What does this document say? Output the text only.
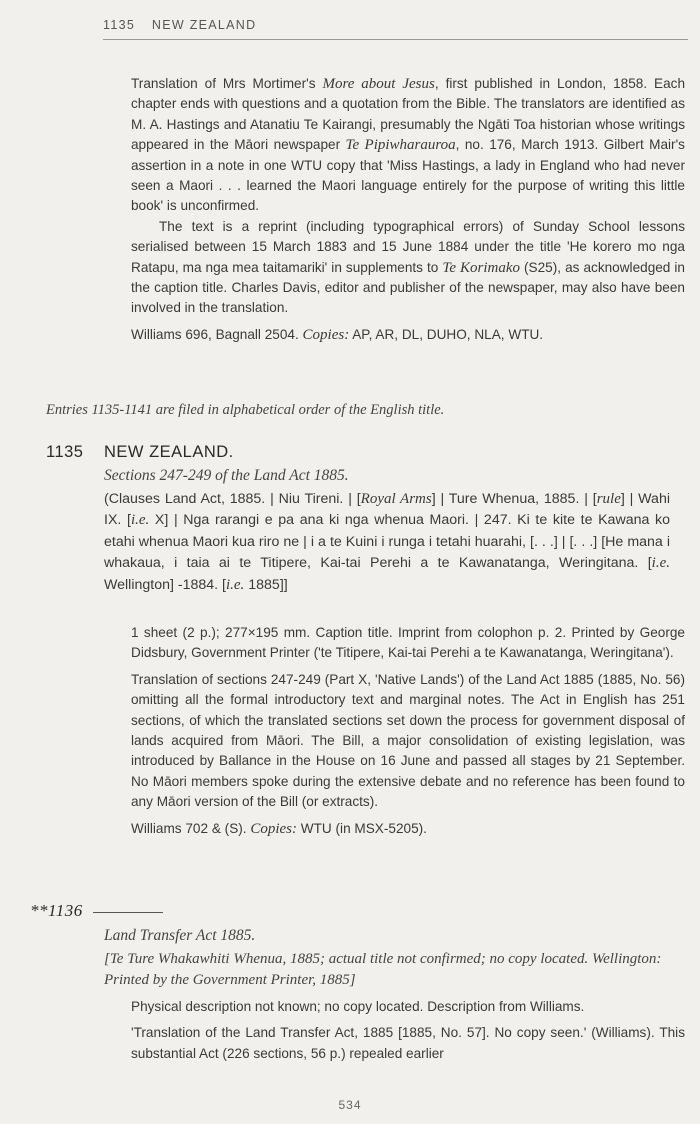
1135 NEW ZEALAND

Translation of Mrs Mortimer's More about Jesus, first published in London, 1858. Each chapter ends with questions and a quotation from the Bible. The translators are identified as M. A. Hastings and Atanatiu Te Kairangi, presumably the Ngāti Toa historian whose writings appeared in the Māori newspaper Te Pipiwharauroa, no. 176, March 1913. Gilbert Mair's assertion in a note in one WTU copy that 'Miss Hastings, a lady in England who had never seen a Maori . . . learned the Maori language entirely for the purpose of writing this little book' is unconfirmed.

The text is a reprint (including typographical errors) of Sunday School lessons serialised between 15 March 1883 and 15 June 1884 under the title 'He korero mo nga Ratapu, ma nga mea taitamariki' in supplements to Te Korimako (S25), as acknowledged in the caption title. Charles Davis, editor and publisher of the newspaper, may also have been involved in the translation.

Williams 696, Bagnall 2504. Copies: AP, AR, DL, DUHO, NLA, WTU.

Entries 1135-1141 are filed in alphabetical order of the English title.
1135 NEW ZEALAND.
Sections 247-249 of the Land Act 1885.

(Clauses Land Act, 1885. | Niu Tireni. | [Royal Arms] | Ture Whenua, 1885. | [rule] | Wahi IX. [i.e. X] | Nga rarangi e pa ana ki nga whenua Maori. | 247. Ki te kite te Kawana ko etahi whenua Maori kua riro ne | i a te Kuini i runga i tetahi huarahi, [. . .] | [. . .] [He mana i whakaua, i taia ai te Titipere, Kai-tai Perehi a te Kawanatanga, Weringitana. [i.e. Wellington] -1884. [i.e. 1885]]

1 sheet (2 p.); 277×195 mm. Caption title. Imprint from colophon p. 2. Printed by George Didsbury, Government Printer ('te Titipere, Kai-tai Perehi a te Kawanatanga, Weringitana').

Translation of sections 247-249 (Part X, 'Native Lands') of the Land Act 1885 (1885, No. 56) omitting all the formal introductory text and marginal notes. The Act in English has 251 sections, of which the translated sections set down the process for government disposal of lands acquired from Māori. The Bill, a major consolidation of existing legislation, was introduced by Ballance in the House on 16 June and passed all stages by 21 September. No Māori members spoke during the extensive debate and no reference has been found to any Māori version of the Bill (or extracts).

Williams 702 & (S). Copies: WTU (in MSX-5205).

**1136
Land Transfer Act 1885.
[Te Ture Whakawhiti Whenua, 1885; actual title not confirmed; no copy located. Wellington: Printed by the Government Printer, 1885]

Physical description not known; no copy located. Description from Williams.

'Translation of the Land Transfer Act, 1885 [1885, No. 57]. No copy seen.' (Williams). This substantial Act (226 sections, 56 p.) repealed earlier

534
